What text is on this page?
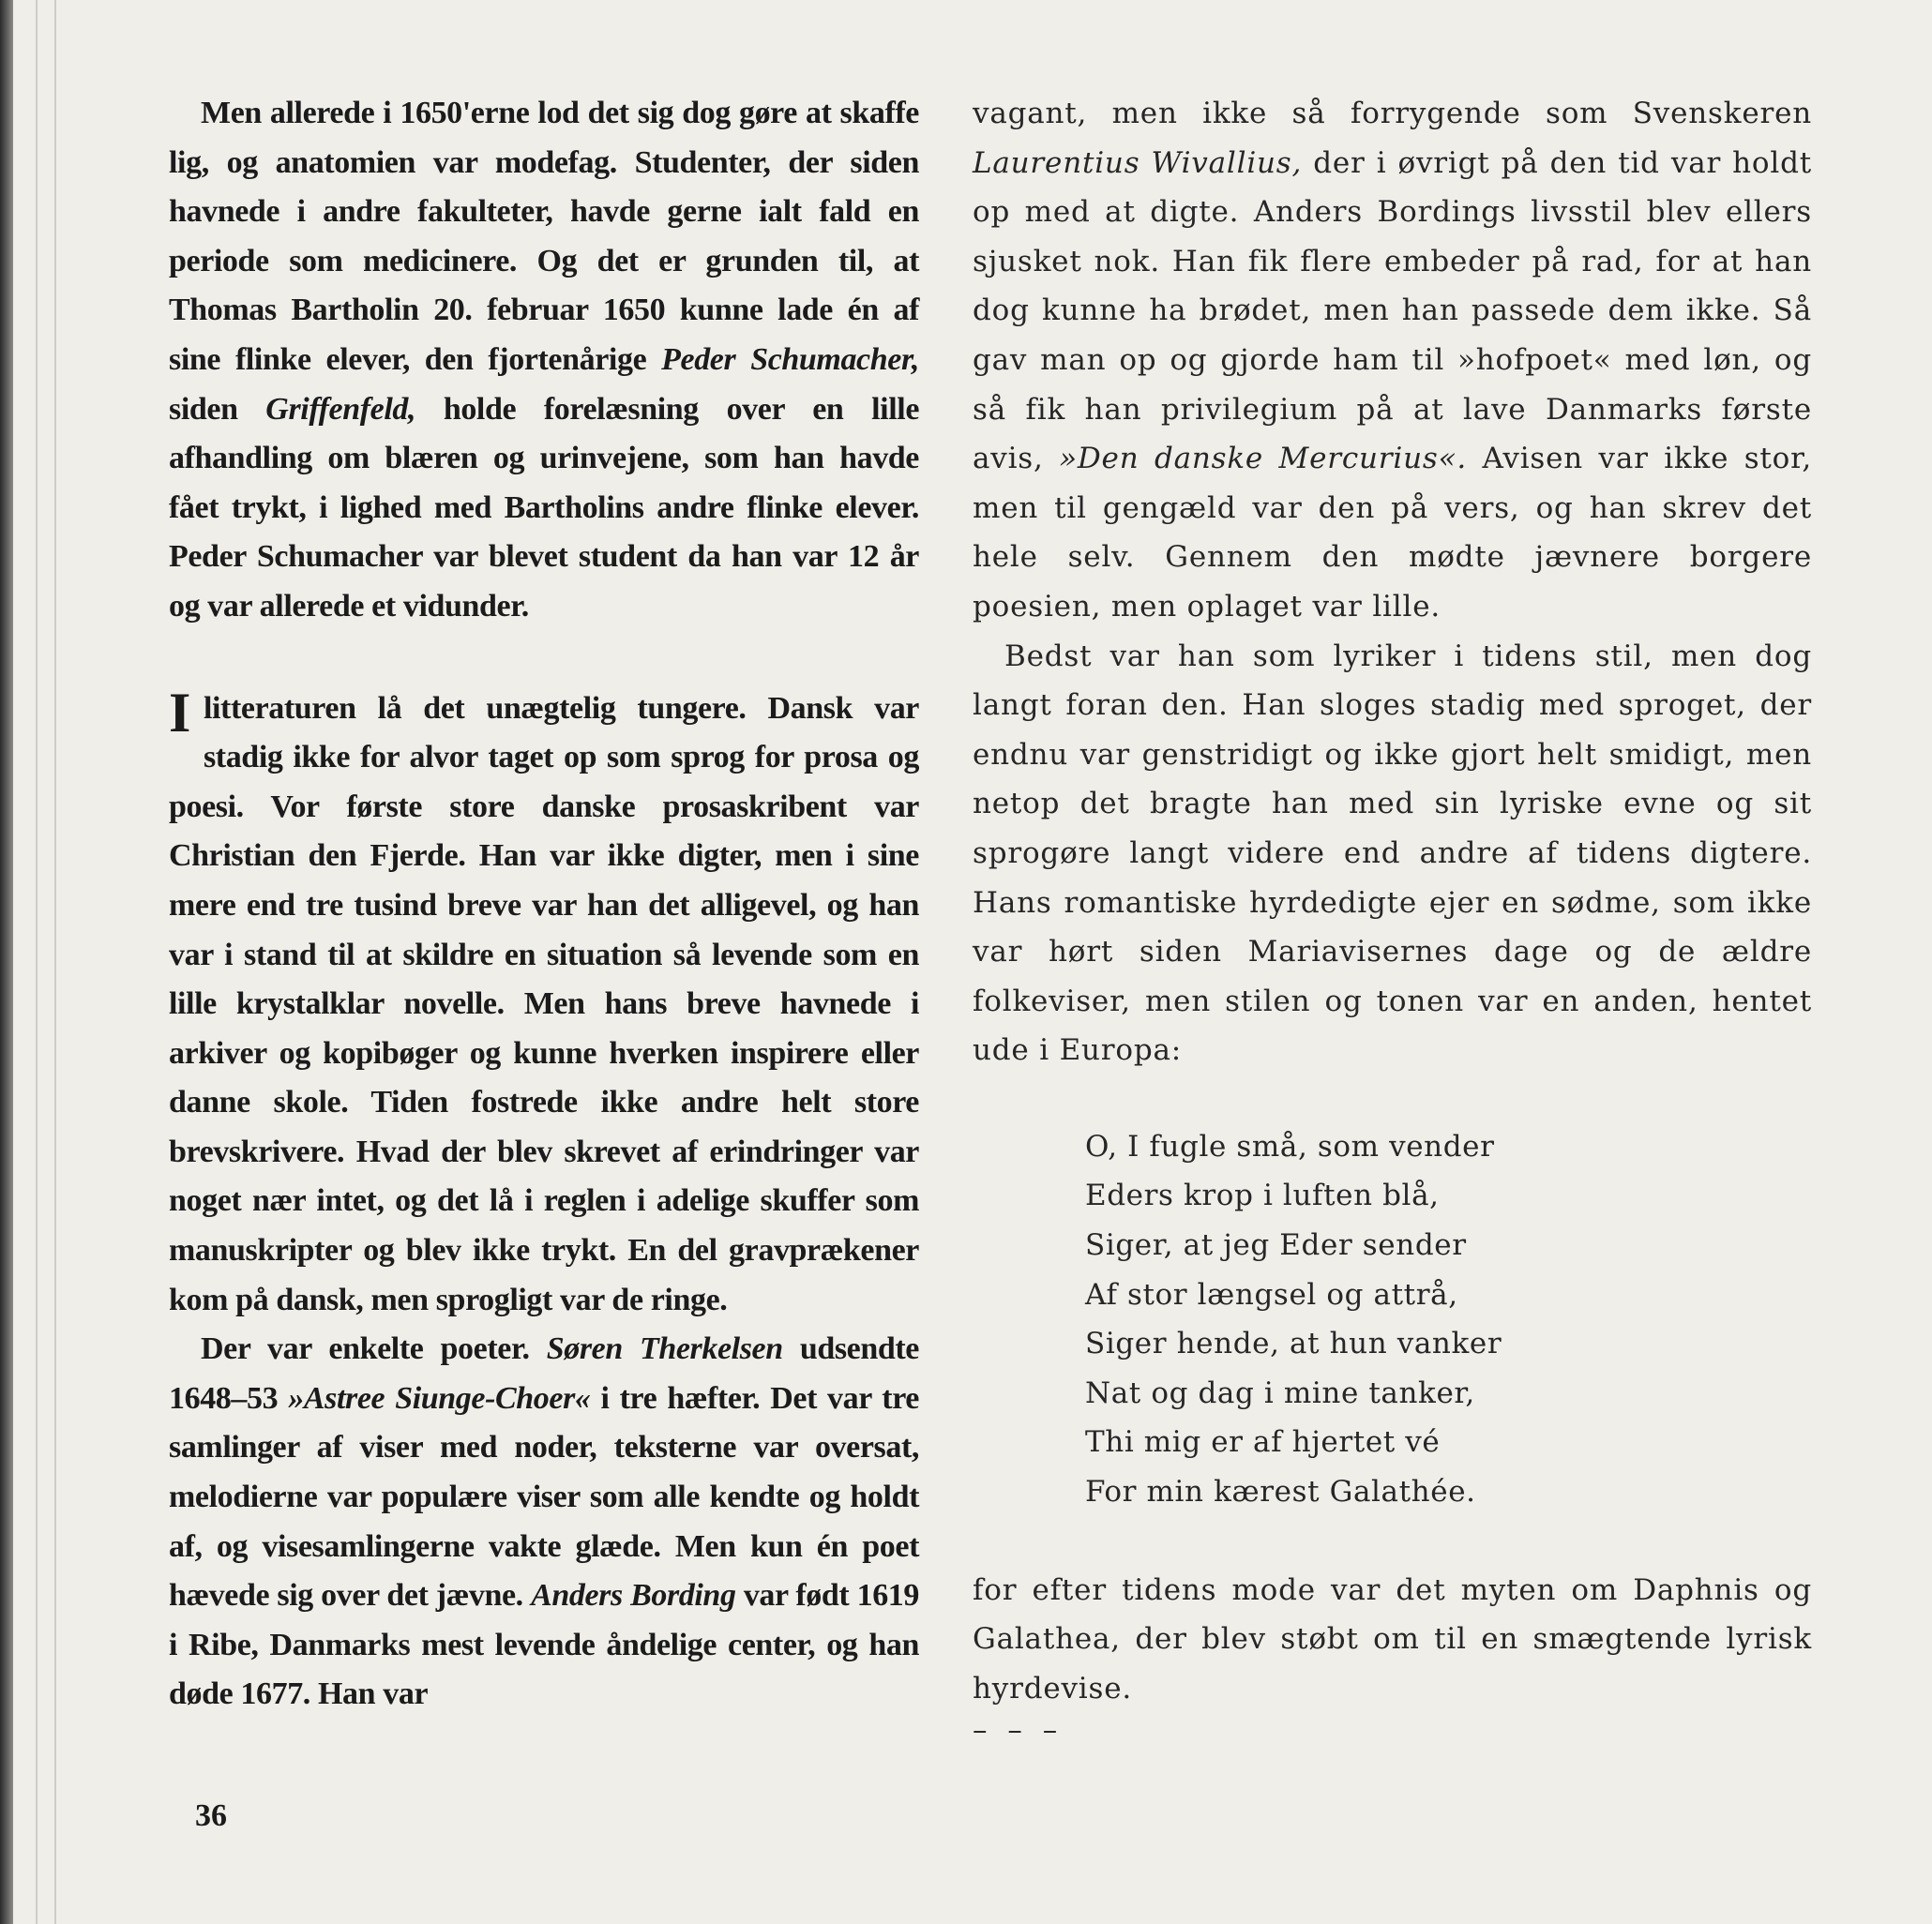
Men allerede i 1650'erne lod det sig dog gøre at skaffe lig, og anatomien var modefag. Studenter, der siden havnede i andre fakulteter, havde gerne ialt fald en periode som medicinere. Og det er grunden til, at Thomas Bartholin 20. februar 1650 kunne lade én af sine flinke elever, den fjortenårige Peder Schumacher, siden Griffenfeld, holde forelæsning over en lille afhandling om blæren og urinvejene, som han havde fået trykt, i lighed med Bartholins andre flinke elever. Peder Schumacher var blevet student da han var 12 år og var allerede et vidunder.

I litteraturen lå det unægtelig tungere. Dansk var stadig ikke for alvor taget op som sprog for prosa og poesi. Vor første store danske prosaskribent var Christian den Fjerde. Han var ikke digter, men i sine mere end tre tusind breve var han det alligevel, og han var i stand til at skildre en situation så levende som en lille krystalklar novelle. Men hans breve havnede i arkiver og kopibøger og kunne hverken inspirere eller danne skole. Tiden fostrede ikke andre helt store brevskrivere. Hvad der blev skrevet af erindringer var noget nær intet, og det lå i reglen i adelige skuffer som manuskripter og blev ikke trykt. En del gravprækener kom på dansk, men sprogligt var de ringe.

Der var enkelte poeter. Søren Therkelsen udsendte 1648–53 »Astree Siunge-Choer« i tre hæfter. Det var tre samlinger af viser med noder, teksterne var oversat, melodierne var populære viser som alle kendte og holdt af, og visesamlingerne vakte glæde. Men kun én poet hævede sig over det jævne. Anders Bording var født 1619 i Ribe, Danmarks mest levende åndelige center, og han døde 1677. Han var

vagant, men ikke så forrygende som Svenskeren Laurentius Wivallius, der i øvrigt på den tid var holdt op med at digte. Anders Bordings livsstil blev ellers sjusket nok. Han fik flere embeder på rad, for at han dog kunne ha brødet, men han passede dem ikke. Så gav man op og gjorde ham til »hofpoet« med løn, og så fik han privilegium på at lave Danmarks første avis, »Den danske Mercurius«. Avisen var ikke stor, men til gengæld var den på vers, og han skrev det hele selv. Gennem den mødte jævnere borgere poesien, men oplaget var lille.

Bedst var han som lyriker i tidens stil, men dog langt foran den. Han sloges stadig med sproget, der endnu var genstridigt og ikke gjort helt smidigt, men netop det bragte han med sin lyriske evne og sit sprogøre langt videre end andre af tidens digtere. Hans romantiske hyrdedigte ejer en sødme, som ikke var hørt siden Mariavisernes dage og de ældre folkeviser, men stilen og tonen var en anden, hentet ude i Europa:

O, I fugle små, som vender
Eders krop i luften blå,
Siger, at jeg Eder sender
Af stor længsel og attrå,
Siger hende, at hun vanker
Nat og dag i mine tanker,
Thi mig er af hjertet vé
For min kærest Galathée.

for efter tidens mode var det myten om Daphnis og Galathea, der blev støbt om til en smægtende lyrisk hyrdevise.

– – –
36
